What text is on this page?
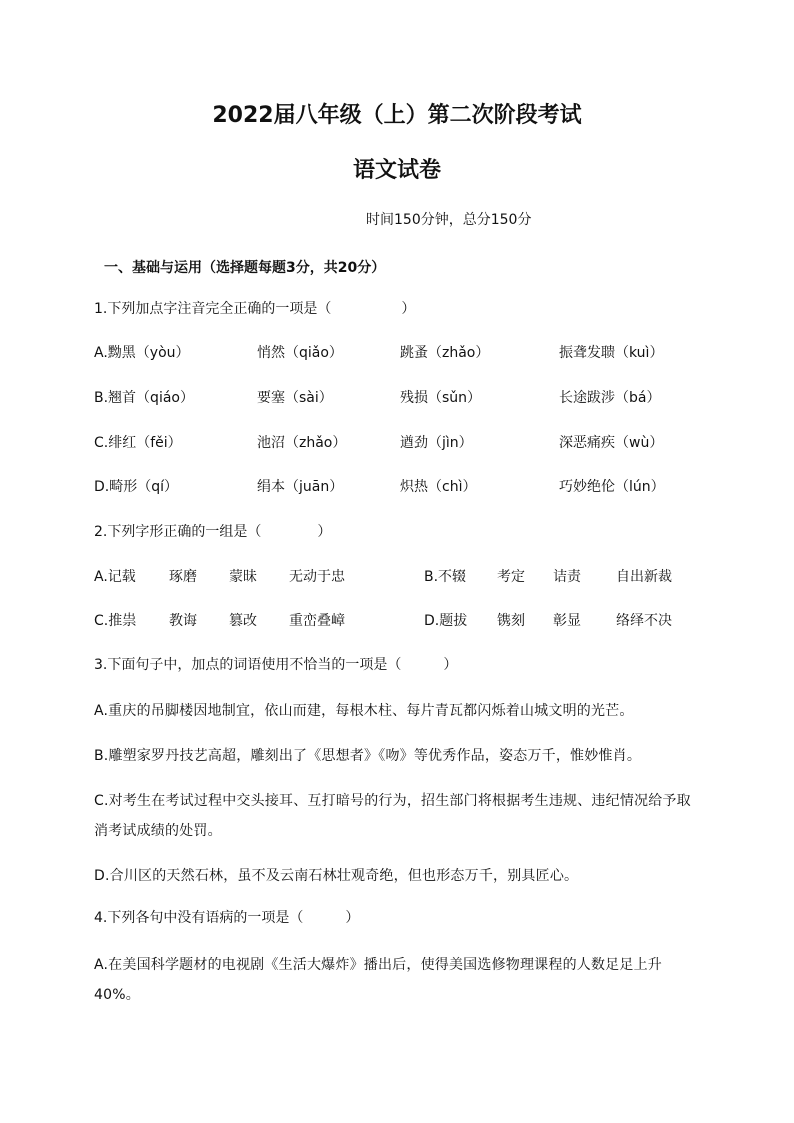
2022届八年级（上）第二次阶段考试
语文试卷
时间150分钟，总分150分
一、基础与运用（选择题每题3分，共20分）
1.下列加点字注音完全正确的一项是（　　　　　）
A.黝黑（yòu）	悄然（qiǎo）	跳蚤（zhǎo）	振聋发聩（kuì）
B.翘首（qiáo）	要塞（sài）	残损（sǔn）	长途跋涉（bá）
C.绯红（fěi）	池沼（zhǎo）	遒劲（jìn）	深恶痛疾（wù）
D.畸形（qí）	绢本（juān）	炽热（chì）	巧妙绝伦（lún）
2.下列字形正确的一组是（　　　　）
A.记载 琢磨 蒙昧 无动于忠	B.不辍 考定 诘责	自出新裁
C.推祟 教诲 篡改 重峦叠嶂	D.题拔 镌刻 彰显	络绎不决
3.下面句子中，加点的词语使用不恰当的一项是（　　　）
A.重庆的吊脚楼因地制宜，依山而建，每根木柱、每片青瓦都闪烁着山城文明的光芒。
B.雕塑家罗丹技艺高超，雕刻出了《思想者》《吻》等优秀作品，姿态万千，惟妙惟肖。
C.对考生在考试过程中交头接耳、互打暗号的行为，招生部门将根据考生违规、违纪情况给予取消考试成绩的处罚。
D.合川区的天然石林，虽不及云南石林壮观奇绝，但也形态万千，别具匠心。
4.下列各句中没有语病的一项是（　　　）
A.在美国科学题材的电视剧《生活大爆炸》播出后，使得美国选修物理课程的人数足足上升40%。
